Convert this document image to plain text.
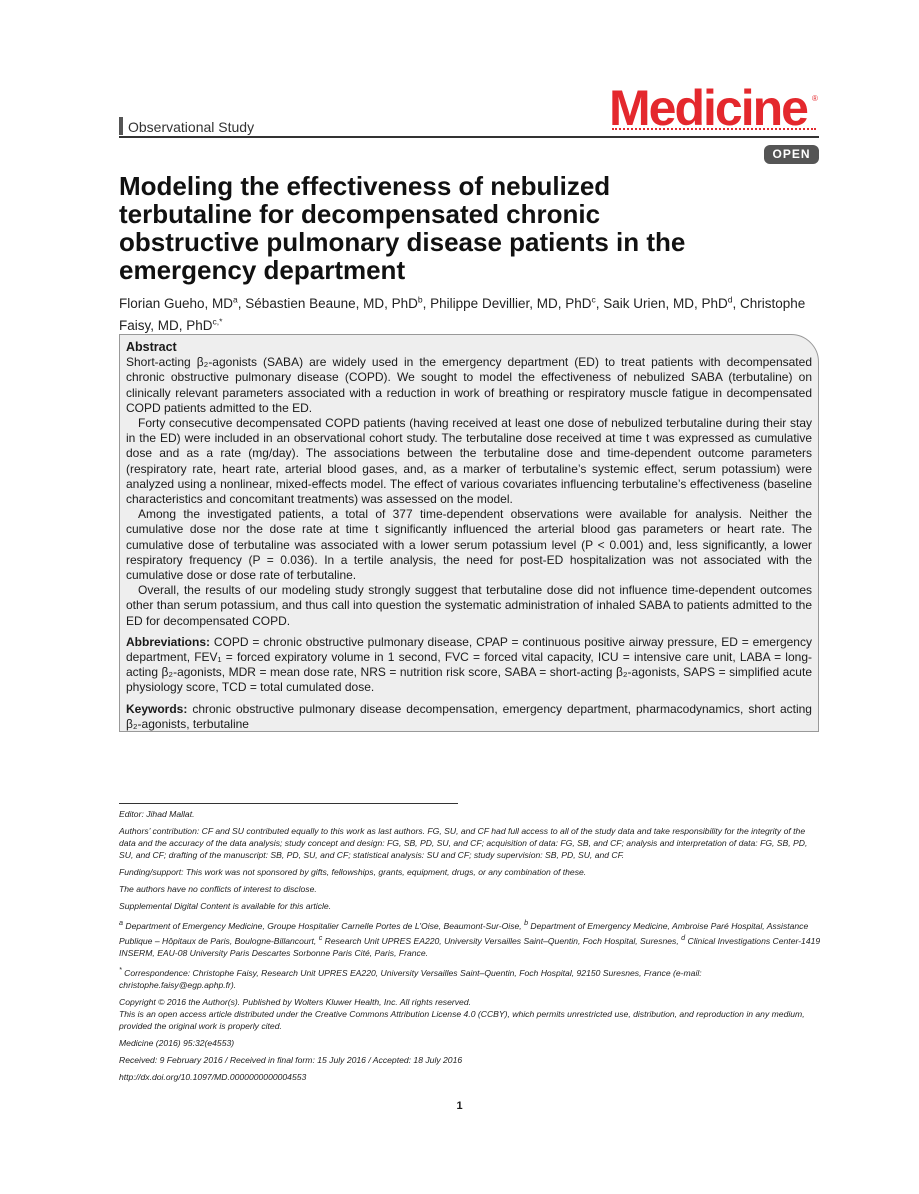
Observational Study	Medicine ®
OPEN
Modeling the effectiveness of nebulized terbutaline for decompensated chronic obstructive pulmonary disease patients in the emergency department
Florian Gueho, $MD^a$, Sébastien Beaune, MD, PhD$^b$, Philippe Devillier, MD, PhD$^c$, Saik Urien, MD, PhD$^d$, Christophe Faisy, MD, PhD$^{c,*}$

Abstract

Short-acting β₂-agonists (SABA) are widely used in the emergency department (ED) to treat patients with decompensated chronic obstructive pulmonary disease (COPD). We sought to model the effectiveness of nebulized SABA (terbutaline) on clinically relevant parameters associated with a reduction in work of breathing or respiratory muscle fatigue in decompensated COPD patients admitted to the ED.

Forty consecutive decompensated COPD patients (having received at least one dose of nebulized terbutaline during their stay in the ED) were included in an observational cohort study. The terbutaline dose received at time t was expressed as cumulative dose and as a rate (mg/day). The associations between the terbutaline dose and time-dependent outcome parameters (respiratory rate, heart rate, arterial blood gases, and, as a marker of terbutaline’s systemic effect, serum potassium) were analyzed using a nonlinear, mixed-effects model. The effect of various covariates influencing terbutaline’s effectiveness (baseline characteristics and concomitant treatments) was assessed on the model.

Among the investigated patients, a total of 377 time-dependent observations were available for analysis. Neither the cumulative dose nor the dose rate at time t significantly influenced the arterial blood gas parameters or heart rate. The cumulative dose of terbutaline was associated with a lower serum potassium level (P < 0.001) and, less significantly, a lower respiratory frequency (P = 0.036). In a tertile analysis, the need for post-ED hospitalization was not associated with the cumulative dose or dose rate of terbutaline.

Overall, the results of our modeling study strongly suggest that terbutaline dose did not influence time-dependent outcomes other than serum potassium, and thus call into question the systematic administration of inhaled SABA to patients admitted to the ED for decompensated COPD.

Abbreviations: COPD = chronic obstructive pulmonary disease, CPAP = continuous positive airway pressure, ED = emergency department, FEV₁ = forced expiratory volume in 1 second, FVC = forced vital capacity, ICU = intensive care unit, LABA = long-acting β₂-agonists, MDR = mean dose rate, NRS = nutrition risk score, SABA = short-acting β₂-agonists, SAPS = simplified acute physiology score, TCD = total cumulated dose.

Keywords: chronic obstructive pulmonary disease decompensation, emergency department, pharmacodynamics, short acting β₂-agonists, terbutaline

Editor: Jihad Mallat.

Authors’ contribution: CF and SU contributed equally to this work as last authors. FG, SU, and CF had full access to all of the study data and take responsibility for the integrity of the data and the accuracy of the data analysis; study concept and design: FG, SB, PD, SU, and CF; acquisition of data: FG, SB, and CF; analysis and interpretation of data: FG, SB, PD, SU, and CF; drafting of the manuscript: SB, PD, SU, and CF; statistical analysis: SU and CF; study supervision: SB, PD, SU, and CF.

Funding/support: This work was not sponsored by gifts, fellowships, grants, equipment, drugs, or any combination of these.

The authors have no conflicts of interest to disclose.

Supplemental Digital Content is available for this article.

$^a$ Department of Emergency Medicine, Groupe Hospitalier Carnelle Portes de L’Oise, Beaumont-Sur-Oise, $^b$ Department of Emergency Medicine, Ambroise Paré Hospital, Assistance Publique – Hôpitaux de Paris, Boulogne-Billancourt, $^c$ Research Unit UPRES EA220, University Versailles Saint–Quentin, Foch Hospital, Suresnes, $^d$ Clinical Investigations Center-1419 INSERM, EAU-08 University Paris Descartes Sorbonne Paris Cité, Paris, France.

* Correspondence: Christophe Faisy, Research Unit UPRES EA220, University Versailles Saint–Quentin, Foch Hospital, 92150 Suresnes, France (e-mail: christophe.faisy@egp.aphp.fr).

Copyright © 2016 the Author(s). Published by Wolters Kluwer Health, Inc. All rights reserved.

This is an open access article distributed under the Creative Commons Attribution License 4.0 (CCBY), which permits unrestricted use, distribution, and reproduction in any medium, provided the original work is properly cited.

Medicine (2016) 95:32(e4553)

Received: 9 February 2016 / Received in final form: 15 July 2016 / Accepted: 18 July 2016

http://dx.doi.org/10.1097/MD.0000000000004553

1
